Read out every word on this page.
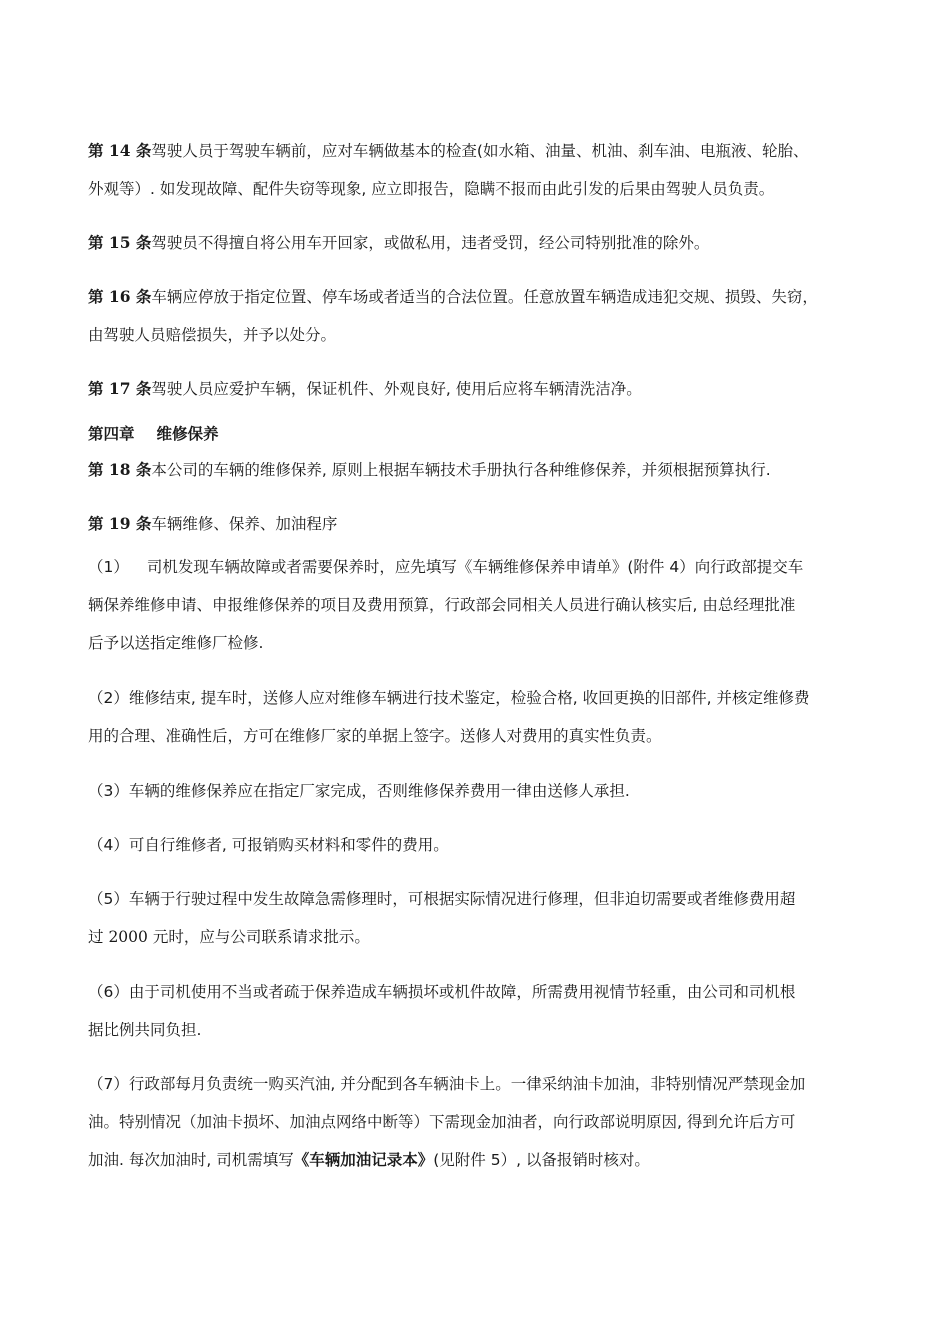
第 14 条驾驶人员于驾驶车辆前，应对车辆做基本的检查(如水箱、油量、机油、刹车油、电瓶液、轮胎、
外观等）. 如发现故障、配件失窃等现象, 应立即报告，隐瞒不报而由此引发的后果由驾驶人员负责。
第 15 条驾驶员不得擅自将公用车开回家，或做私用，违者受罚，经公司特别批准的除外。
第 16 条车辆应停放于指定位置、停车场或者适当的合法位置。任意放置车辆造成违犯交规、损毁、失窃，
由驾驶人员赔偿损失，并予以处分。
第 17 条驾驶人员应爱护车辆，保证机件、外观良好, 使用后应将车辆清洗洁净。
第四章 维修保养
第 18 条本公司的车辆的维修保养, 原则上根据车辆技术手册执行各种维修保养，并须根据预算执行.
第 19 条车辆维修、保养、加油程序
（1） 司机发现车辆故障或者需要保养时，应先填写《车辆维修保养申请单》(附件 4）向行政部提交车
辆保养维修申请、申报维修保养的项目及费用预算，行政部会同相关人员进行确认核实后, 由总经理批准
后予以送指定维修厂检修.
（2）维修结束, 提车时，送修人应对维修车辆进行技术鉴定，检验合格, 收回更换的旧部件, 并核定维修费
用的合理、准确性后，方可在维修厂家的单据上签字。送修人对费用的真实性负责。
（3）车辆的维修保养应在指定厂家完成，否则维修保养费用一律由送修人承担.
（4）可自行维修者, 可报销购买材料和零件的费用。
（5）车辆于行驶过程中发生故障急需修理时，可根据实际情况进行修理，但非迫切需要或者维修费用超
过 2000 元时，应与公司联系请求批示。
（6）由于司机使用不当或者疏于保养造成车辆损坏或机件故障，所需费用视情节轻重，由公司和司机根
据比例共同负担.
（7）行政部每月负责统一购买汽油, 并分配到各车辆油卡上。一律采纳油卡加油，非特别情况严禁现金加
油。特别情况（加油卡损坏、加油点网络中断等）下需现金加油者，向行政部说明原因, 得到允许后方可
加油. 每次加油时, 司机需填写《车辆加油记录本》(见附件 5）, 以备报销时核对。
